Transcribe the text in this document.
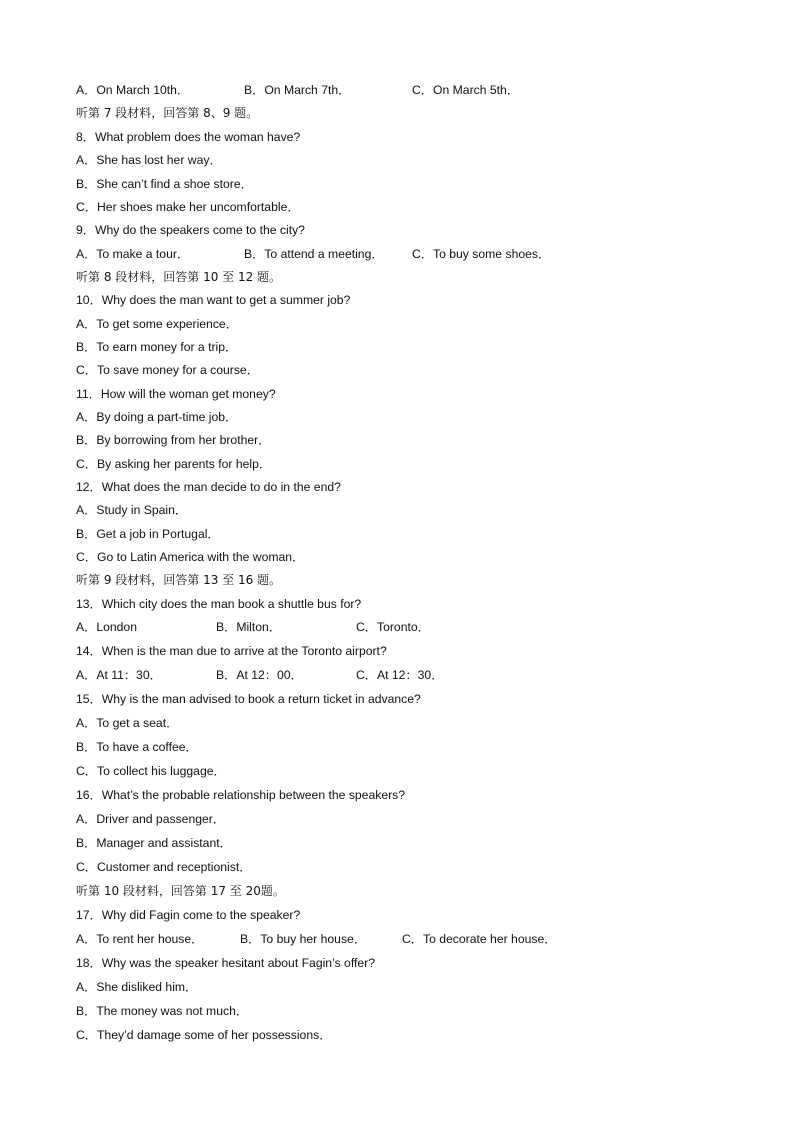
A．On March 10th．	B．On March 7th．	C．On March 5th．
听第 7 段材料，回答第 8、9 题。
8．What problem does the woman have?
A．She has lost her way．
B．She can’t find a shoe store．
C．Her shoes make her uncomfortable．
9．Why do the speakers come to the city?
A．To make a tour．	B．To attend a meeting． C．To buy some shoes．
听第 8 段材料，回答第 10 至 12 题。
10．Why does the man want to get a summer job?
A．To get some experience．
B．To earn money for a trip．
C．To save money for a course．
11．How will the woman get money?
A．By doing a part-time job．
B．By borrowing from her brother．
C．By asking her parents for help．
12．What does the man decide to do in the end?
A．Study in Spain．
B．Get a job in Portugal．
C．Go to Latin America with the woman．
听第 9 段材料，回答第 13 至 16 题。
13．Which city does the man book a shuttle bus for?
A．London	B．Milton．	C．Toronto．
14．When is the man due to arrive at the Toronto airport?
A．At 11：30．	B．At 12：00．	C．At 12：30．
15．Why is the man advised to book a return ticket in advance?
A．To get a seat．
B．To have a coffee．
C．To collect his luggage．
16．What’s the probable relationship between the speakers?
A．Driver and passenger．
B．Manager and assistant．
C．Customer and receptionist．
听第 10 段材料，回答第 17 至 20题。
17．Why did Fagin come to the speaker?
A．To rent her house．	B．To buy her house．	C．To decorate her house．
18．Why was the speaker hesitant about Fagin’s offer?
A．She disliked him．
B．The money was not much．
C．They’d damage some of her possessions．
